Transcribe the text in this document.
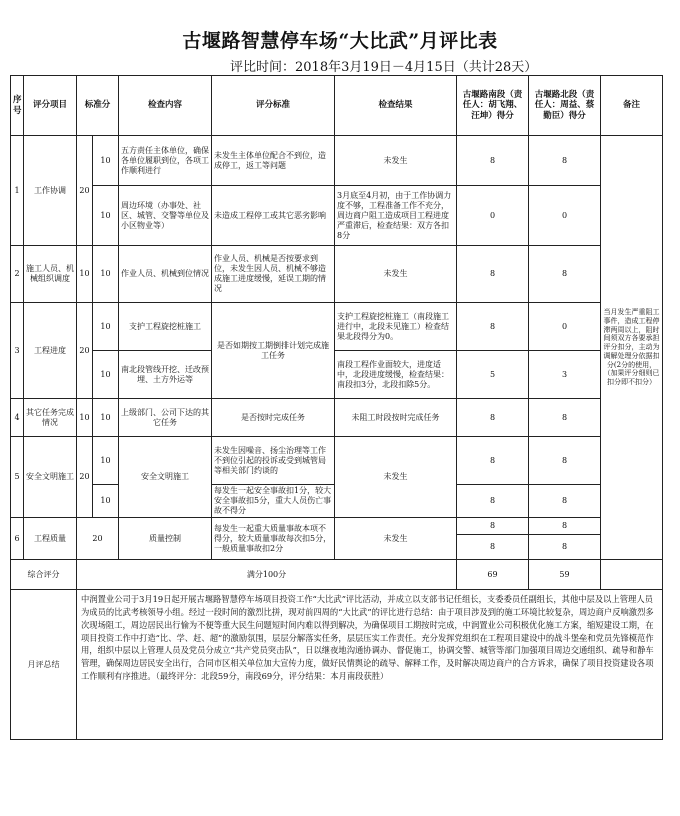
古堰路智慧停车场“大比武”月评比表
评比时间：2018年3月19日－4月15日（共计28天）
序号	评分项目	标准分		检查内容	评分标准	检查结果	古堰路南段（责任人：胡飞翔、汪坤）得分	古堰路北段（责任人：周益、蔡勤臣）得分	备注
1	工作协调	20	10	五方责任主体单位，确保各单位履职到位，各项工作顺利进行	未发生主体单位配合不到位，造成停工，返工等问题	未发生	8	8	当月发生严重阻工事件，造成工程停滞两周以上，阻时间须双方各要承担评分扣分，主动为调解处理分依据扣分(2分的使用，（加果评分细则已扣分即不扣分）
			10	周边环境（办事处、社区、城管、交警等单位及小区物业等）	未造成工程停工或其它恶劣影响	3月底至4月初，由于工作协调力度不够，工程准备工作不充分，周边商户阻工造成项目工程进度严重滞后，检查结果：双方各扣8分	0	0	
2	施工人员、机械组织调度	10	10	作业人员、机械到位情况	作业人员、机械是否按要求到位，未发生因人员、机械不够造成施工进度缓慢，延误工期的情况	未发生	8	8	
3	工程进度	20	10	支护工程旋挖桩施工	是否如期按工期倒排计划完成施工任务	支护工程旋挖桩施工（南段施工进行中，北段未见施工）检查结果北段得分为0。	8	0	
			10	南北段管线开挖、迁改预埋、土方外运等		南段工程作业面较大，进度适中，北段进度缓慢，检查结果：南段扣3分，北段扣除5分。	5	3	
4	其它任务完成情况	10	10	上级部门、公司下达的其它任务	是否按时完成任务	未阻工时段按时完成任务	8	8	
5	安全文明施工	20	10	安全文明施工	未发生因噪音、扬尘治理等工作不到位引起的投诉或受到城管局等相关部门约谈的	未发生	8	8	
			10		每发生一起安全事故扣1分，较大安全事故扣5分，重大人员伤亡事故不得分		8	8	
6	工程质量	20		质量控制	每发生一起重大质量事故本项不得分，较大质量事故每次扣5分，一般质量事故扣2分	未发生	8	8	
							8	8	
综合评分		满分100分					69	59	
月评总结		中润置业公司于3月19日起开展古堰路智慧停车场项目投资工作“大比武”评比活动，并成立以支部书记任组长，支委委员任副组长，其他中层及以上管理人员为成员的比武考核领导小组。经过一段时间的激烈比拼，现对前四周的“大比武”的评比进行总结：由于项目涉及到的施工环境比较复杂，周边商户反响激烈多次现场阻工，周边居民出行愉为不便等重大民生问题短时间内难以得到解决，为确保项目工期按时完成，中润置业公司积极优化施工方案，缩短建设工期，在项目投资工作中打造“比、学、赶、超”的激励氛围，层层分解落实任务，层层压实工作责任。充分发挥党组织在工程项目建设中的战斗堡垒和党员先锋模范作用，组织中层以上管理人员及党员分成立“共产党员突击队”，日以继夜地沟通协调办、督促施工，协调交警、城管等部门加强项目周边交通组织、疏导和静车管理，确保周边居民安全出行，合同市区相关单位加大宣传力度，做好民情舆论的疏导、解释工作，及时解决周边商户的合方诉求，确保了项目投资建设各项工作顺利有序推进。（最终评分：北段59分，南段69分，评分结果：本月南段获胜）							
